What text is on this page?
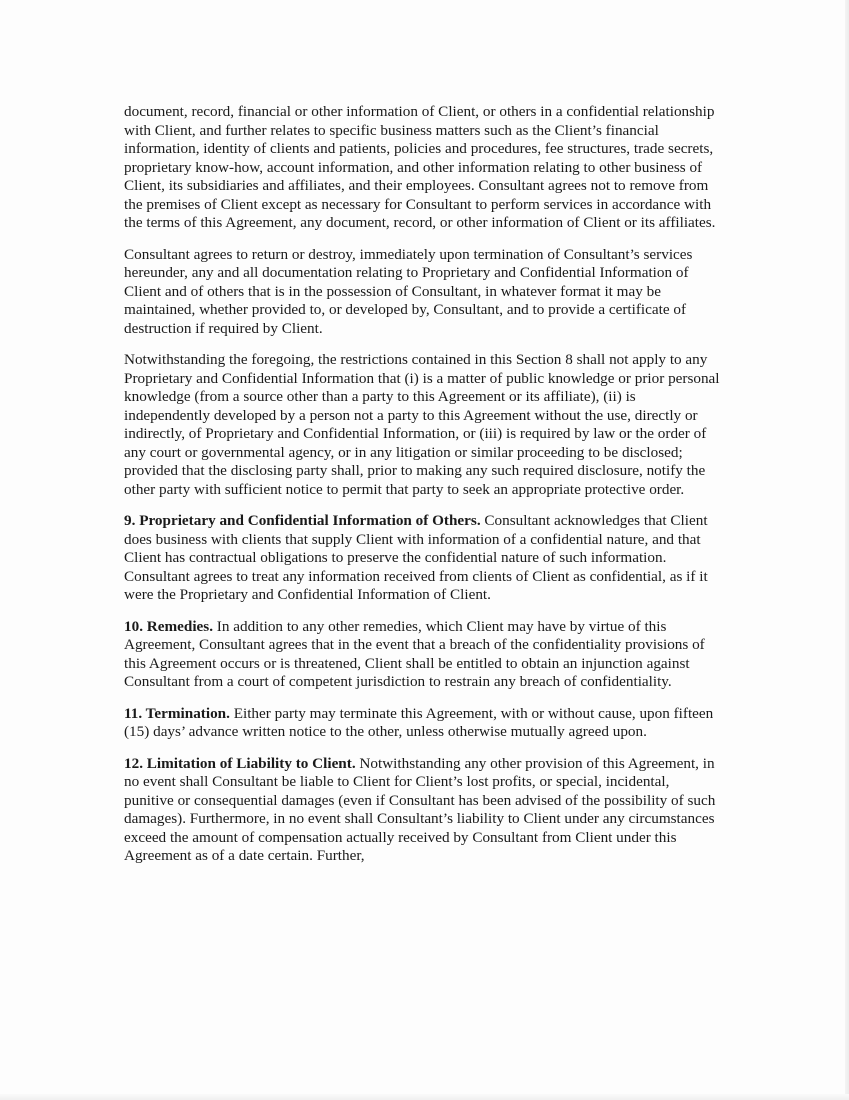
document, record, financial or other information of Client, or others in a confidential relationship with Client, and further relates to specific business matters such as the Client’s financial information, identity of clients and patients, policies and procedures, fee structures, trade secrets, proprietary know-how, account information, and other information relating to other business of Client, its subsidiaries and affiliates, and their employees. Consultant agrees not to remove from the premises of Client except as necessary for Consultant to perform services in accordance with the terms of this Agreement, any document, record, or other information of Client or its affiliates.

Consultant agrees to return or destroy, immediately upon termination of Consultant’s services hereunder, any and all documentation relating to Proprietary and Confidential Information of Client and of others that is in the possession of Consultant, in whatever format it may be maintained, whether provided to, or developed by, Consultant, and to provide a certificate of destruction if required by Client.

Notwithstanding the foregoing, the restrictions contained in this Section 8 shall not apply to any Proprietary and Confidential Information that (i) is a matter of public knowledge or prior personal knowledge (from a source other than a party to this Agreement or its affiliate), (ii) is independently developed by a person not a party to this Agreement without the use, directly or indirectly, of Proprietary and Confidential Information, or (iii) is required by law or the order of any court or governmental agency, or in any litigation or similar proceeding to be disclosed; provided that the disclosing party shall, prior to making any such required disclosure, notify the other party with sufficient notice to permit that party to seek an appropriate protective order.

9. Proprietary and Confidential Information of Others. Consultant acknowledges that Client does business with clients that supply Client with information of a confidential nature, and that Client has contractual obligations to preserve the confidential nature of such information. Consultant agrees to treat any information received from clients of Client as confidential, as if it were the Proprietary and Confidential Information of Client.

10. Remedies. In addition to any other remedies, which Client may have by virtue of this Agreement, Consultant agrees that in the event that a breach of the confidentiality provisions of this Agreement occurs or is threatened, Client shall be entitled to obtain an injunction against Consultant from a court of competent jurisdiction to restrain any breach of confidentiality.

11. Termination. Either party may terminate this Agreement, with or without cause, upon fifteen (15) days’ advance written notice to the other, unless otherwise mutually agreed upon.

12. Limitation of Liability to Client. Notwithstanding any other provision of this Agreement, in no event shall Consultant be liable to Client for Client’s lost profits, or special, incidental, punitive or consequential damages (even if Consultant has been advised of the possibility of such damages). Furthermore, in no event shall Consultant’s liability to Client under any circumstances exceed the amount of compensation actually received by Consultant from Client under this Agreement as of a date certain. Further,
